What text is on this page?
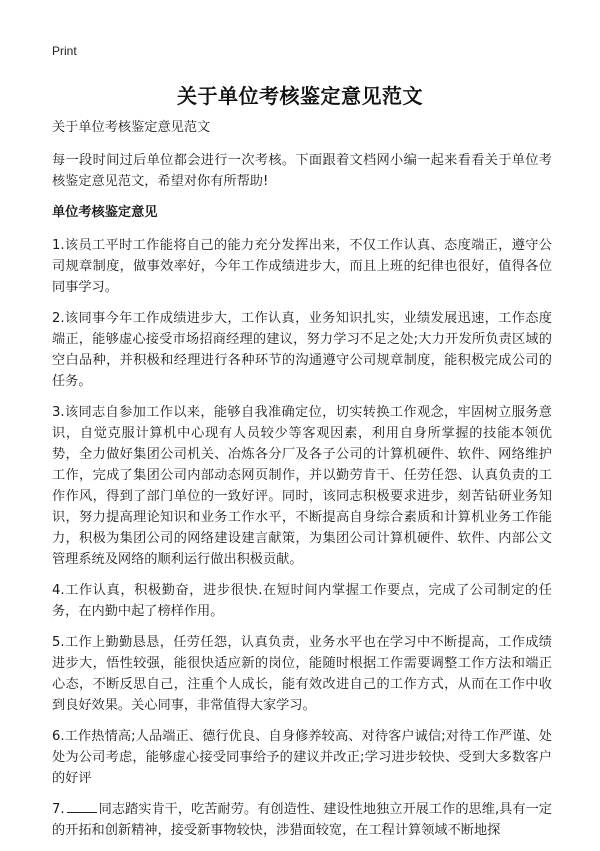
Print
关于单位考核鉴定意见范文

关于单位考核鉴定意见范文

每一段时间过后单位都会进行一次考核。下面跟着文档网小编一起来看看关于单位考核鉴定意见范文，希望对你有所帮助!

单位考核鉴定意见

1.该员工平时工作能将自己的能力充分发挥出来，不仅工作认真、态度端正，遵守公司规章制度，做事效率好，今年工作成绩进步大，而且上班的纪律也很好，值得各位同事学习。

2.该同事今年工作成绩进步大，工作认真，业务知识扎实，业绩发展迅速，工作态度端正，能够虚心接受市场招商经理的建议，努力学习不足之处;大力开发所负责区域的空白品种，并积极和经理进行各种环节的沟通遵守公司规章制度，能积极完成公司的任务。

3.该同志自参加工作以来，能够自我准确定位，切实转换工作观念，牢固树立服务意识，自觉克服计算机中心现有人员较少等客观因素，利用自身所掌握的技能本领优势，全力做好集团公司机关、冶炼各分厂及各子公司的计算机硬件、软件、网络维护工作，完成了集团公司内部动态网页制作，并以勤劳肯干、任劳任怨、认真负责的工作作风，得到了部门单位的一致好评。同时，该同志积极要求进步，刻苦钻研业务知识，努力提高理论知识和业务工作水平，不断提高自身综合素质和计算机业务工作能力，积极为集团公司的网络建设建言献策，为集团公司计算机硬件、软件、内部公文管理系统及网络的顺利运行做出积极贡献。

4.工作认真，积极勤奋，进步很快.在短时间内掌握工作要点，完成了公司制定的任务，在内勤中起了榜样作用。

5.工作上勤勤恳恳，任劳任怨，认真负责，业务水平也在学习中不断提高，工作成绩进步大，悟性较强，能很快适应新的岗位，能随时根据工作需要调整工作方法和端正心态，不断反思自己，注重个人成长，能有效改进自己的工作方式，从而在工作中收到良好效果。关心同事，非常值得大家学习。

6.工作热情高;人品端正、德行优良、自身修养较高、对待客户诚信;对待工作严谨、处处为公司考虑，能够虚心接受同事给予的建议并改正;学习进步较快、受到大多数客户的好评

7.	同志踏实肯干，吃苦耐劳。有创造性、建设性地独立开展工作的思维,具有一定的开拓和创新精神，接受新事物较快，涉猎面较宽，在工程计算领域不断地探
